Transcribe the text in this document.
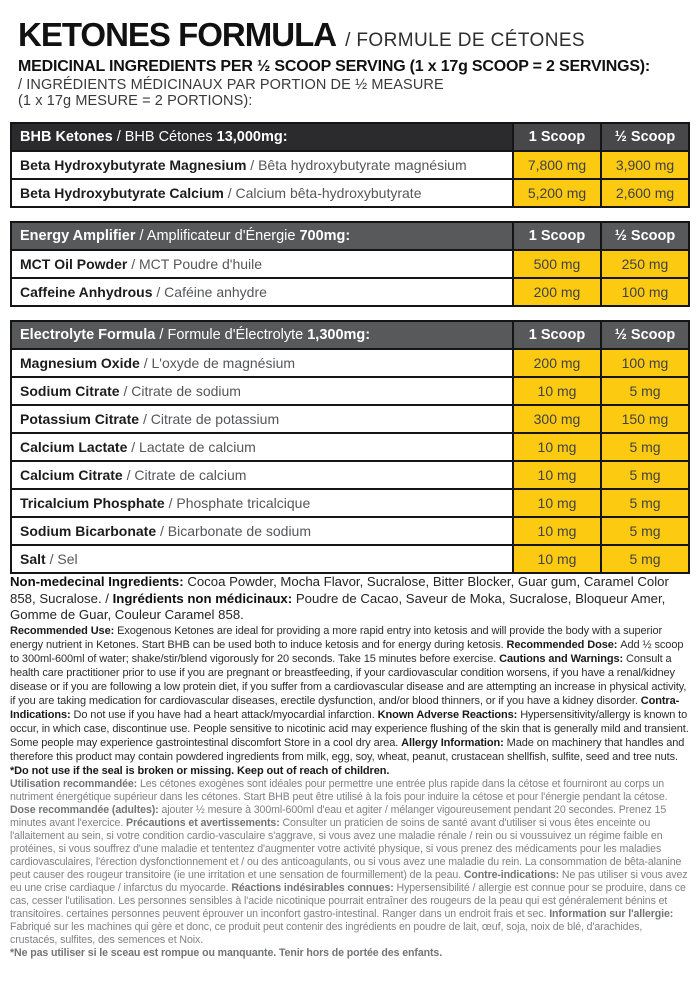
KETONES FORMULA / FORMULE DE CÉTONES
MEDICINAL INGREDIENTS PER ½ SCOOP SERVING (1 x 17g SCOOP = 2 SERVINGS):
/ INGRÉDIENTS MÉDICINAUX PAR PORTION DE ½ MEASURE
(1 x 17g MESURE = 2 PORTIONS):
BHB Ketones / BHB Cétones 13,000mg:	1 Scoop	½ Scoop
Beta Hydroxybutyrate Magnesium / Bêta hydroxybutyrate magnésium	7,800 mg	3,900 mg
Beta Hydroxybutyrate Calcium / Calcium bêta-hydroxybutyrate	5,200 mg	2,600 mg
Energy Amplifier / Amplificateur d'Énergie 700mg:	1 Scoop	½ Scoop
MCT Oil Powder / MCT Poudre d'huile	500 mg	250 mg
Caffeine Anhydrous / Caféine anhydre	200 mg	100 mg
Electrolyte Formula / Formule d'Électrolyte 1,300mg:	1 Scoop	½ Scoop
Magnesium Oxide / L'oxyde de magnésium	200 mg	100 mg
Sodium Citrate / Citrate de sodium	10 mg	5 mg
Potassium Citrate / Citrate de potassium	300 mg	150 mg
Calcium Lactate / Lactate de calcium	10 mg	5 mg
Calcium Citrate / Citrate de calcium	10 mg	5 mg
Tricalcium Phosphate / Phosphate tricalcique	10 mg	5 mg
Sodium Bicarbonate / Bicarbonate de sodium	10 mg	5 mg
Salt / Sel	10 mg	5 mg

Non-medecinal Ingredients: Cocoa Powder, Mocha Flavor, Sucralose, Bitter Blocker, Guar gum, Caramel Color 858, Sucralose. / Ingrédients non médicinaux: Poudre de Cacao, Saveur de Moka, Sucralose, Bloqueur Amer, Gomme de Guar, Couleur Caramel 858.

Recommended Use: Exogenous Ketones are ideal for providing a more rapid entry into ketosis and will provide the body with a superior energy nutrient in Ketones. Start BHB can be used both to induce ketosis and for energy during ketosis. Recommended Dose: Add ½ scoop to 300ml-600ml of water; shake/stir/blend vigorously for 20 seconds. Take 15 minutes before exercise. Cautions and Warnings: Consult a health care practitioner prior to use if you are pregnant or breastfeeding, if your cardiovascular condition worsens, if you have a renal/kidney disease or if you are following a low protein diet, if you suffer from a cardiovascular disease and are attempting an increase in physical activity, if you are taking medication for cardiovascular diseases, erectile dysfunction, and/or blood thinners, or if you have a kidney disorder. Contra-Indications: Do not use if you have had a heart attack/myocardial infarction. Known Adverse Reactions: Hypersensitivity/allergy is known to occur, in which case, discontinue use. People sensitive to nicotinic acid may experience flushing of the skin that is generally mild and transient. Some people may experience gastrointestinal discomfort Store in a cool dry area. Allergy Information: Made on machinery that handles and therefore this product may contain powdered ingredients from milk, egg, soy, wheat, peanut, crustacean shellfish, sulfite, seed and tree nuts. *Do not use if the seal is broken or missing. Keep out of reach of children.

Utilisation recommandée: Les cétones exogènes sont idéales pour permettre une entrée plus rapide dans la cétose et fourniront au corps un nutriment énergétique supérieur dans les cétones. Start BHB peut être utilisé à la fois pour induire la cétose et pour l'énergie pendant la cétose. Dose recommandée (adultes): ajouter ½ mesure à 300ml-600ml d'eau et agiter / mélanger vigoureusement pendant 20 secondes. Prenez 15 minutes avant l'exercice. Précautions et avertissements: Consulter un praticien de soins de santé avant d'utiliser si vous êtes enceinte ou l'allaitement au sein, si votre condition cardio-vasculaire s'aggrave, si vous avez une maladie rénale / rein ou si voussuivez un régime faible en protéines, si vous souffrez d'une maladie et tententez d'augmenter votre activité physique, si vous prenez des médicaments pour les maladies cardiovasculaires, l'érection dysfonctionnement et / ou des anticoagulants, ou si vous avez une maladie du rein. La consommation de bêta-alanine peut causer des rougeur transitoire (ie une irritation et une sensation de fourmillement) de la peau. Contre-indications: Ne pas utiliser si vous avez eu une crise cardiaque / infarctus du myocarde. Réactions indésirables connues: Hypersensibilité / allergie est connue pour se produire, dans ce cas, cesser l'utilisation. Les personnes sensibles à l'acide nicotinique pourrait entraîner des rougeurs de la peau qui est généralement bénins et transitoires. certaines personnes peuvent éprouver un inconfort gastro-intestinal. Ranger dans un endroit frais et sec. Information sur l'allergie: Fabriqué sur les machines qui gère et donc, ce produit peut contenir des ingrédients en poudre de lait, œuf, soja, noix de blé, d'arachides, crustacés, sulfites, des semences et Noix.
*Ne pas utiliser si le sceau est rompue ou manquante. Tenir hors de portée des enfants.
